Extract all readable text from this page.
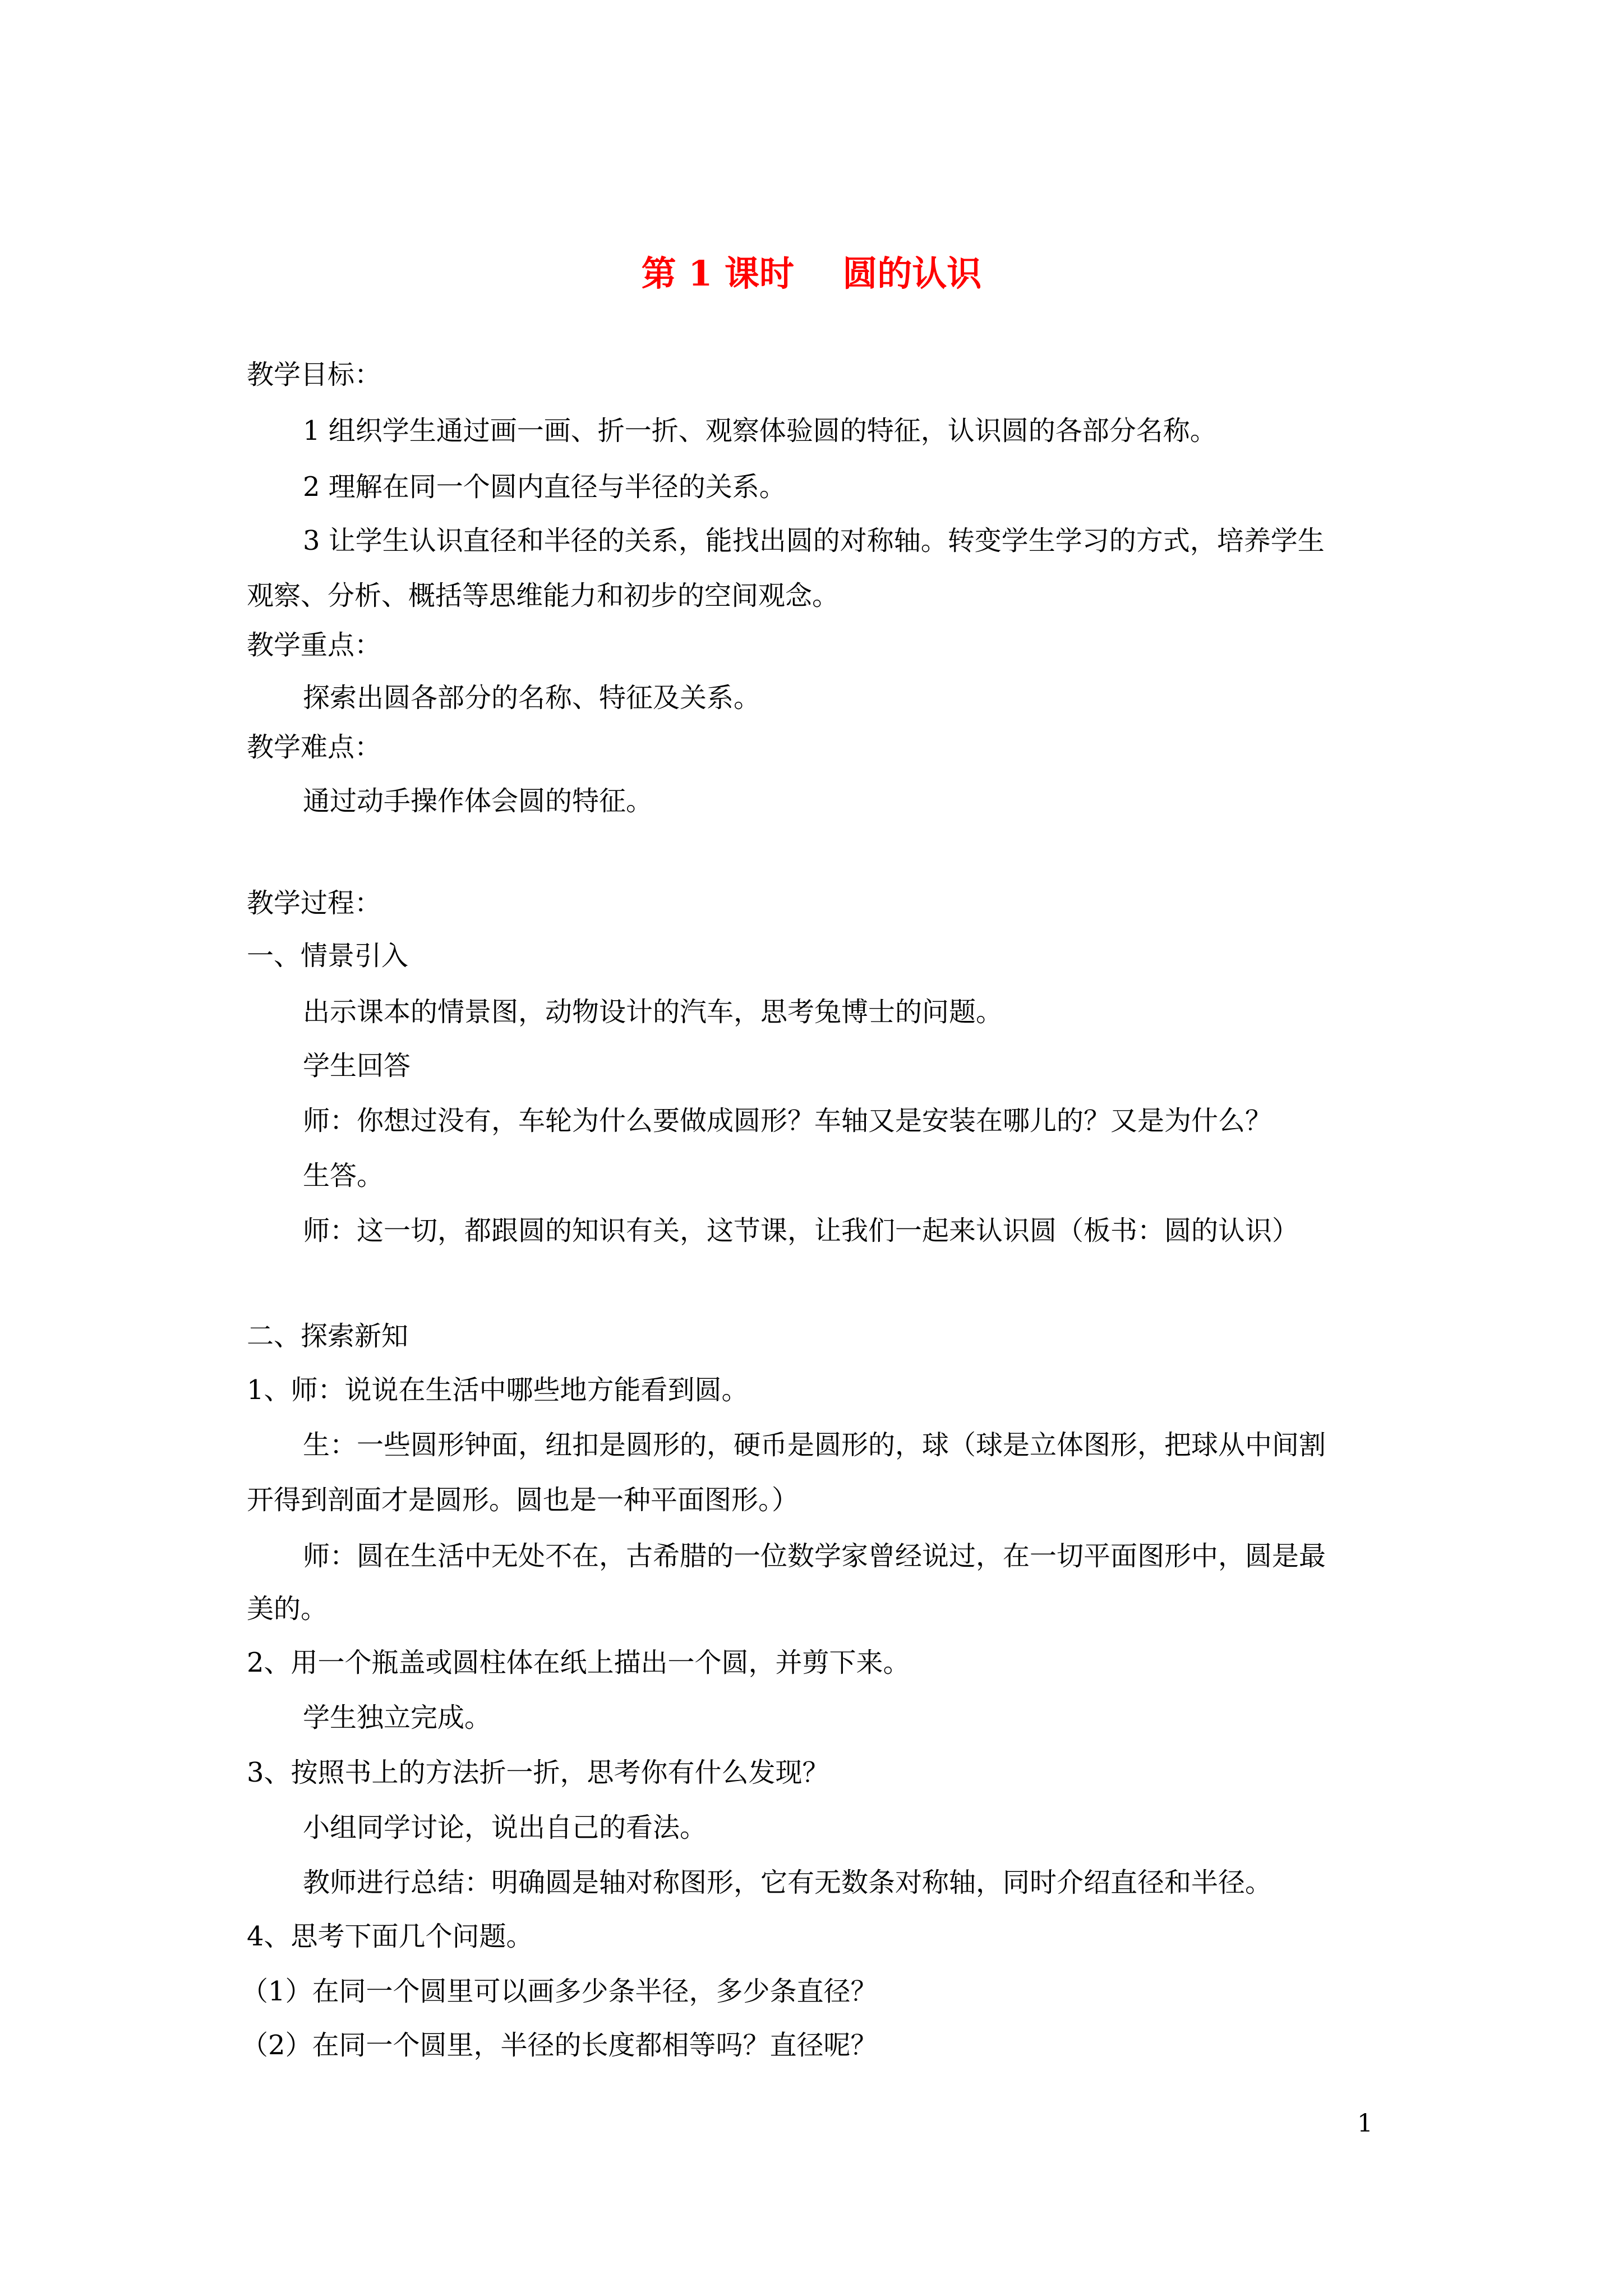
第 1 课时    圆的认识
教学目标：
1 组织学生通过画一画、折一折、观察体验圆的特征，认识圆的各部分名称。
2 理解在同一个圆内直径与半径的关系。
3 让学生认识直径和半径的关系，能找出圆的对称轴。转变学生学习的方式，培养学生
观察、分析、概括等思维能力和初步的空间观念。
教学重点：
探索出圆各部分的名称、特征及关系。
教学难点：
通过动手操作体会圆的特征。
教学过程：
一、情景引入
出示课本的情景图，动物设计的汽车，思考兔博士的问题。
学生回答
师：你想过没有，车轮为什么要做成圆形？车轴又是安装在哪儿的？又是为什么？
生答。
师：这一切，都跟圆的知识有关，这节课，让我们一起来认识圆（板书：圆的认识）
二、探索新知
1、师：说说在生活中哪些地方能看到圆。
生：一些圆形钟面，纽扣是圆形的，硬币是圆形的，球（球是立体图形，把球从中间割
开得到剖面才是圆形。圆也是一种平面图形。）
师：圆在生活中无处不在，古希腊的一位数学家曾经说过，在一切平面图形中，圆是最
美的。
2、用一个瓶盖或圆柱体在纸上描出一个圆，并剪下来。
学生独立完成。
3、按照书上的方法折一折，思考你有什么发现？
小组同学讨论，说出自己的看法。
教师进行总结：明确圆是轴对称图形，它有无数条对称轴，同时介绍直径和半径。
4、思考下面几个问题。
（1）在同一个圆里可以画多少条半径，多少条直径？
（2）在同一个圆里，半径的长度都相等吗？直径呢？
1
